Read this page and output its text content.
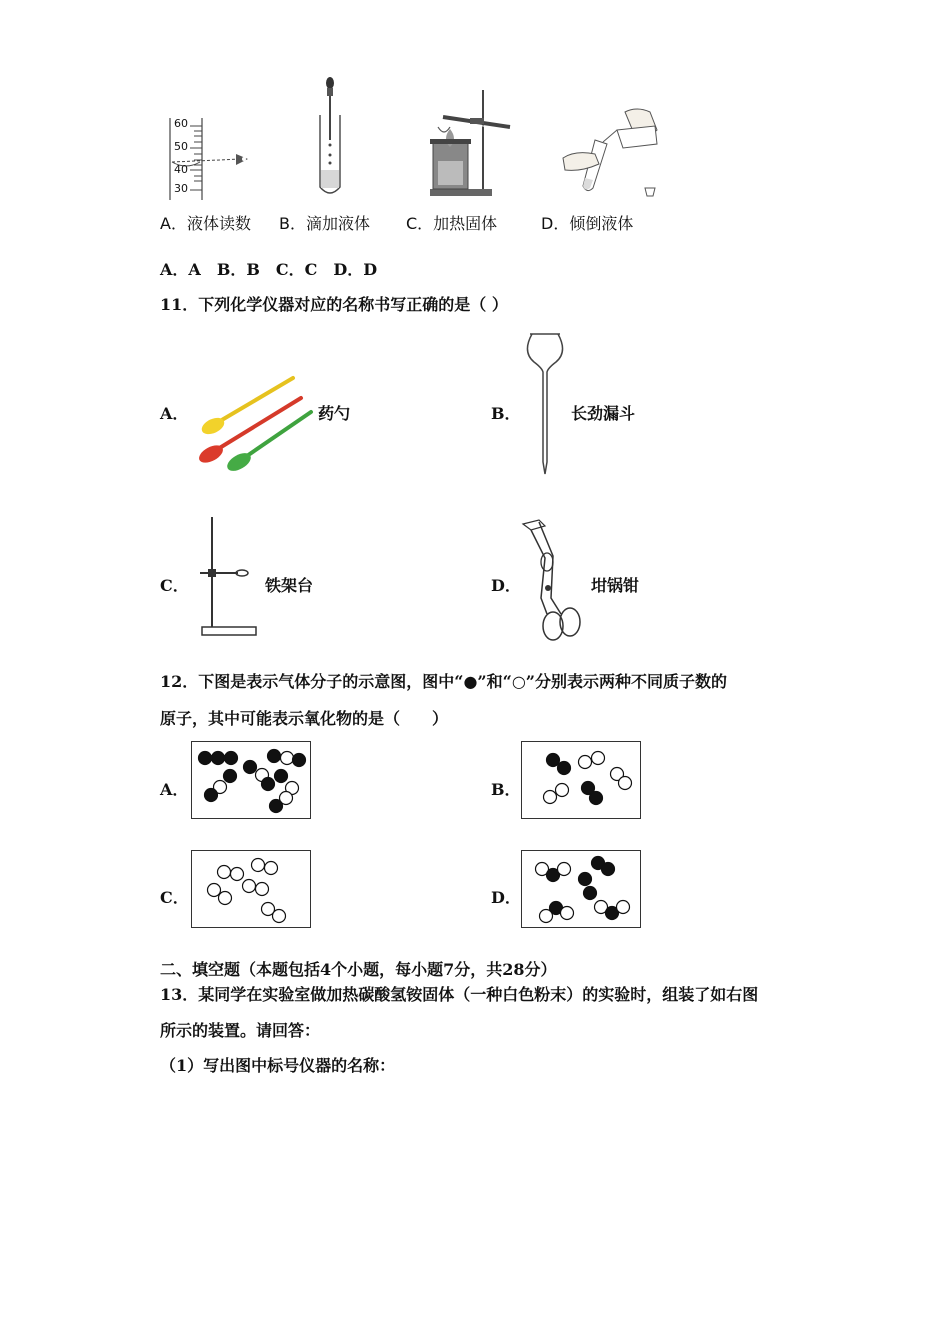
60
50
40
30
A．液体读数 B．滴加液体 C．加热固体	D．倾倒液体
A．A　B．B　C．C　D．D
11．下列化学仪器对应的名称书写正确的是（ ）
A．	药勺	B．	长劲漏斗
C．	铁架台	D．	坩锅钳
12．下图是表示气体分子的示意图，图中“●”和“○”分别表示两种不同质子数的
原子，其中可能表示氧化物的是（　　）
A．	B．
C．	D．
二、填空题（本题包括4个小题，每小题7分，共28分）
13．某同学在实验室做加热碳酸氢铵固体（一种白色粉末）的实验时，组装了如右图
所示的装置。请回答：
（1）写出图中标号仪器的名称：
